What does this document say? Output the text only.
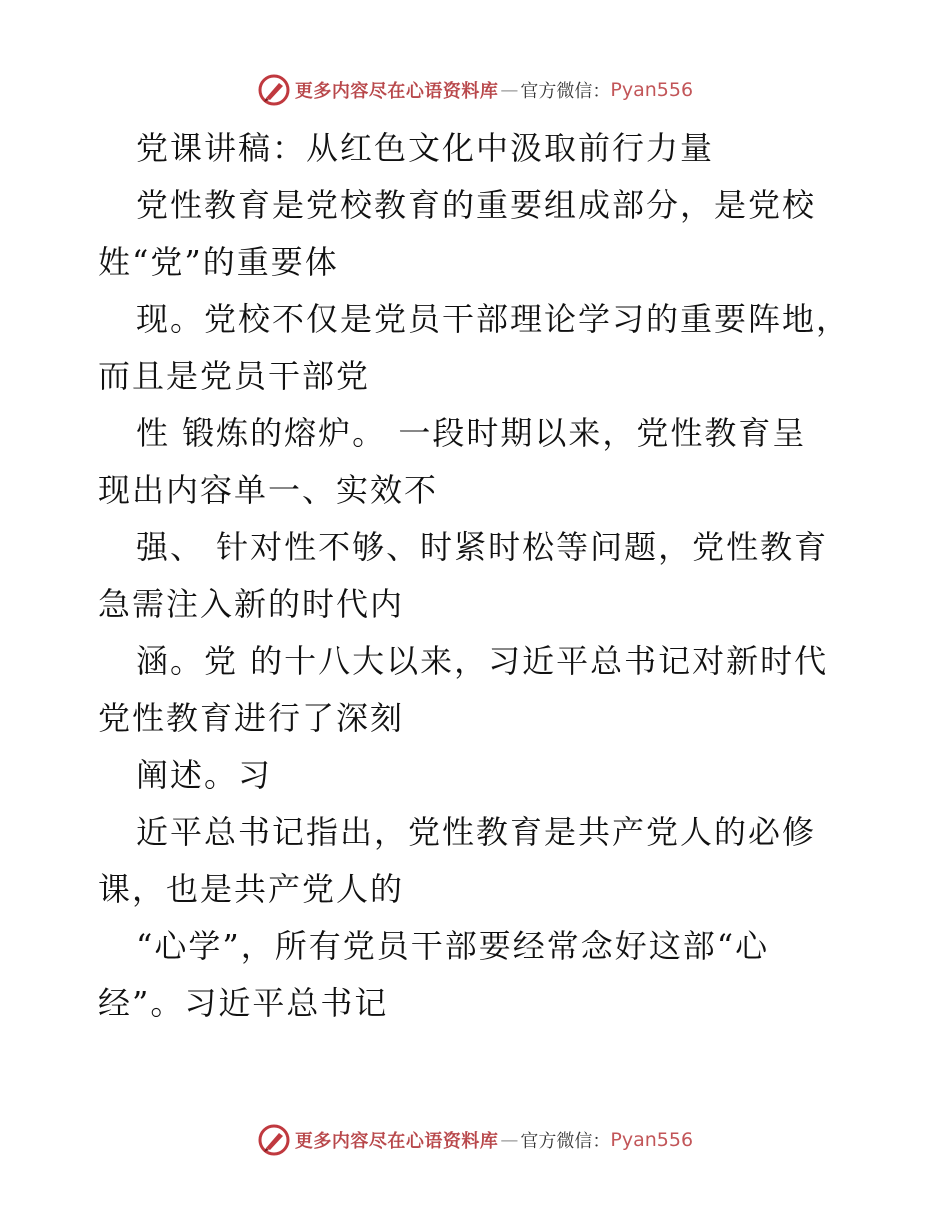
更多内容尽在心语资料库 — 官方微信： Pyan556
党课讲稿：从红色文化中汲取前行力量
党性教育是党校教育的重要组成部分，是党校
姓“党”的重要体
现。党校不仅是党员干部理论学习的重要阵地，
而且是党员干部党
性 锻炼的熔炉。 一段时期以来，党性教育呈
现出内容单一、实效不
强、 针对性不够、时紧时松等问题，党性教育
急需注入新的时代内
涵。党 的十八大以来，习近平总书记对新时代
党性教育进行了深刻
阐述。习
近平总书记指出，党性教育是共产党人的必修
课，也是共产党人的
“心学”，所有党员干部要经常念好这部“心
经”。习近平总书记
更多内容尽在心语资料库 — 官方微信： Pyan556
